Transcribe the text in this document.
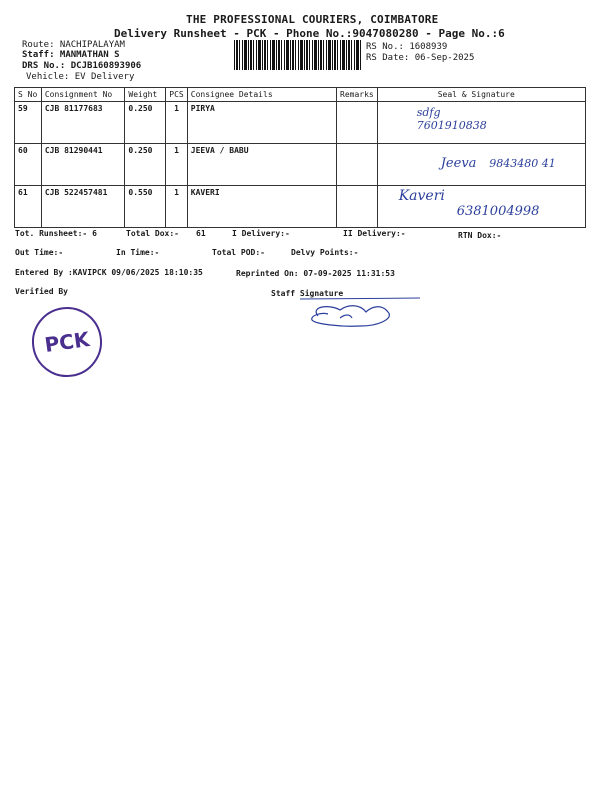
THE PROFESSIONAL COURIERS, COIMBATORE
Delivery Runsheet - PCK - Phone No.:9047080280 - Page No.:6
Route: NACHIPALAYAM
Staff: MANMATHAN S
DRS No.: DCJB160893906
Vehicle: EV Delivery
RS No.: 1608939
RS Date: 06-Sep-2025
S No	Consignment No	Weight	PCS	Consignee Details	Remarks	Seal & Signature
59	CJB 81177683	0.250	1	PIRYA		sdfg
7601910838

60	CJB 81290441	0.250	1	JEEVA / BABU		Jeeva 9843480 41
61	CJB 522457481	0.550	1	KAVERI		Kaveri
6381004998
Tot. Runsheet:- 6	Total Dox:- 61	I Delivery:-	II Delivery:-	RTN Dox:-
Out Time:-	In Time:-	Total POD:-	Delvy Points:-
Entered By :KAVIPCK 09/06/2025 18:10:35	Reprinted On: 07-09-2025 11:31:53
Verified By	Staff Signature
PCK
